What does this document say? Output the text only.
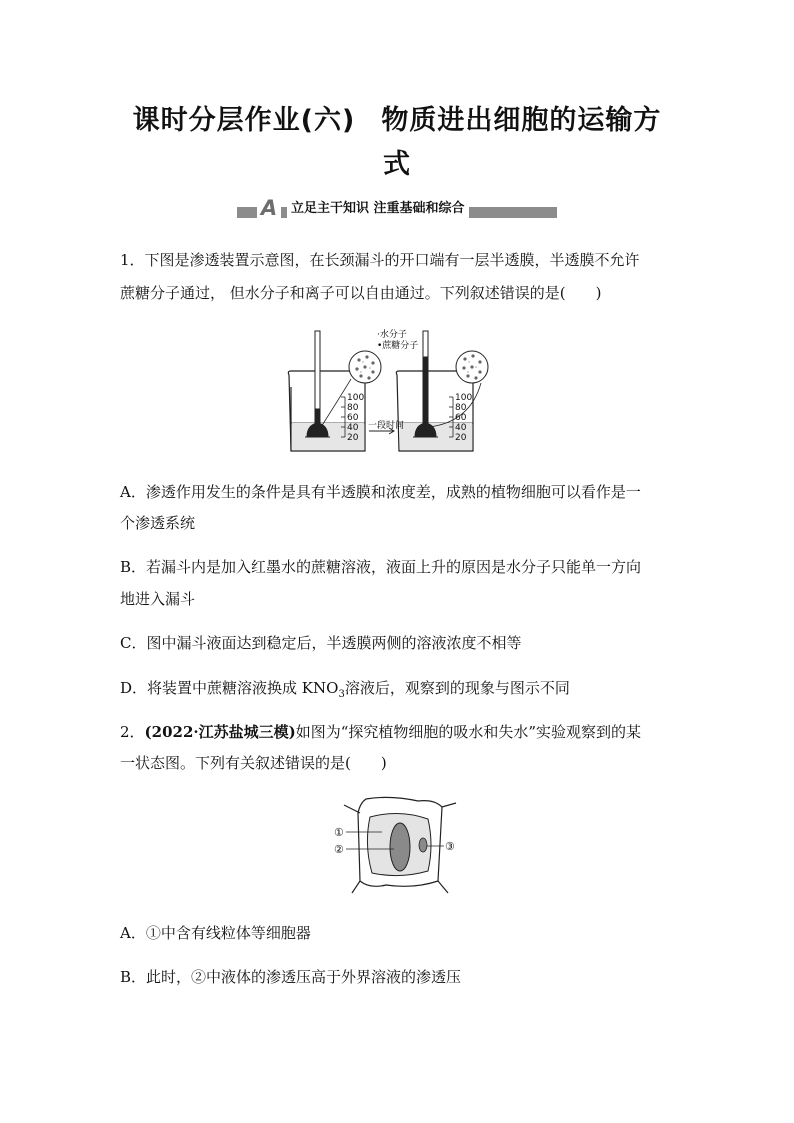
课时分层作业(六) 物质进出细胞的运输方
式
A	立足主干知识 注重基础和综合
1．下图是渗透装置示意图，在长颈漏斗的开口端有一层半透膜，半透膜不允许
蔗糖分子通过， 但水分子和离子可以自由通过。下列叙述错误的是(　　)
100
80
60
40
20
100
80
60
40
20
一段时间
·水分子
•蔗糖分子
A．渗透作用发生的条件是具有半透膜和浓度差，成熟的植物细胞可以看作是一
个渗透系统
B．若漏斗内是加入红墨水的蔗糖溶液，液面上升的原因是水分子只能单一方向
地进入漏斗
C．图中漏斗液面达到稳定后，半透膜两侧的溶液浓度不相等
D．将装置中蔗糖溶液换成 $KNO_3$溶液后，观察到的现象与图示不同
2．(2022·江苏盐城三模)如图为“探究植物细胞的吸水和失水”实验观察到的某
一状态图。下列有关叙述错误的是(　　)
①
②	③
A．①中含有线粒体等细胞器
B．此时，②中液体的渗透压高于外界溶液的渗透压
